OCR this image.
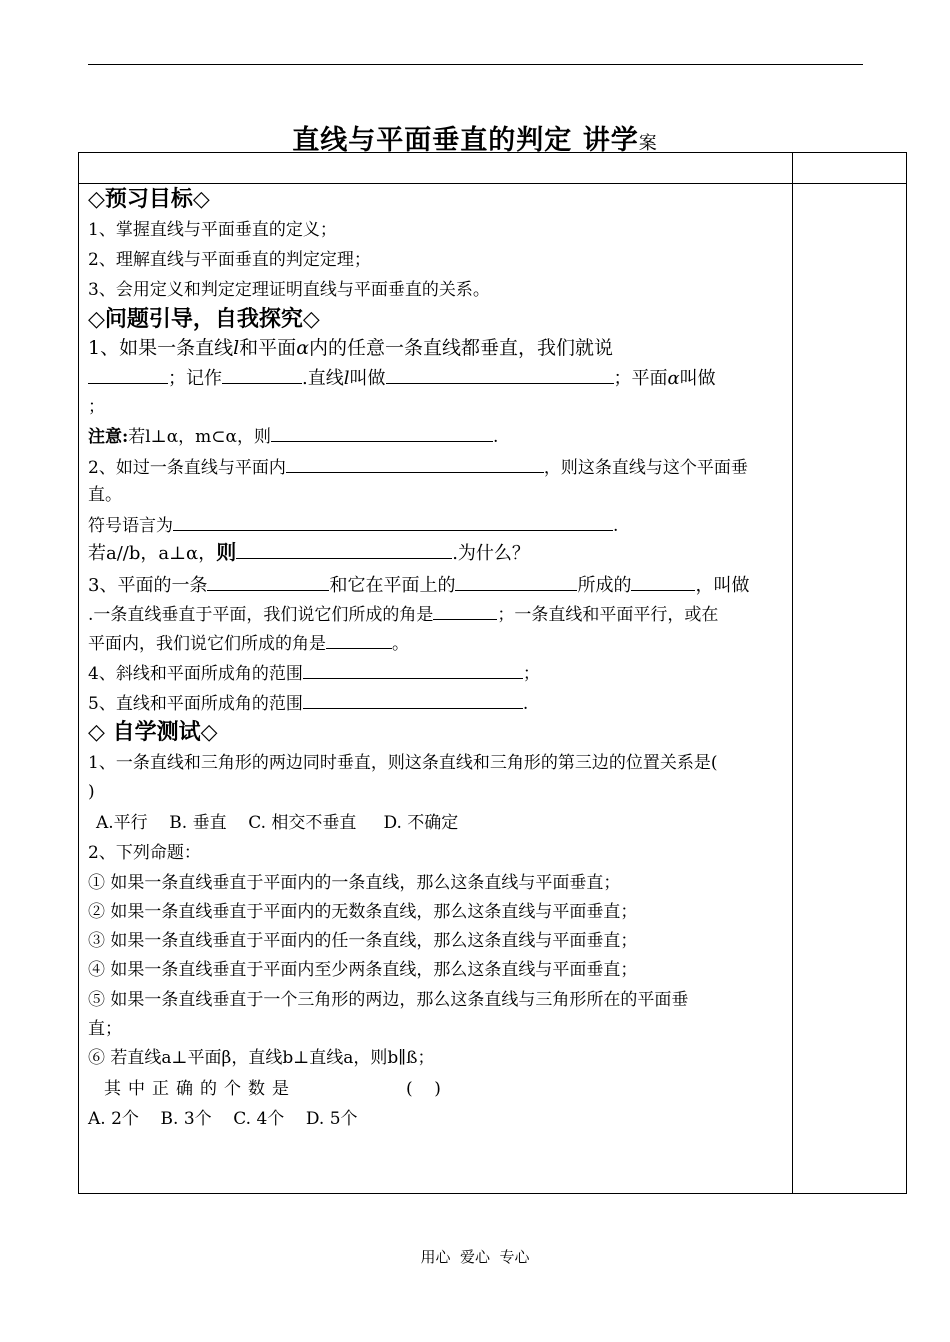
直线与平面垂直的判定 讲学案
◇预习目标◇
1、掌握直线与平面垂直的定义；
2、理解直线与平面垂直的判定定理；
3、会用定义和判定定理证明直线与平面垂直的关系。
◇问题引导，自我探究◇
1、如果一条直线l和平面α内的任意一条直线都垂直，我们就说
；记作	.直线l叫做	；平面α叫做
；
注意:若l⊥α，m⊂α，则	.
2、如过一条直线与平面内	，则这条直线与这个平面垂
直。
符号语言为	.
若a//b，a⊥α，则	.为什么？
3、平面的一条	和它在平面上的	所成的	，叫做
.一条直线垂直于平面，我们说它们所成的角是	；一条直线和平面平行，或在
平面内，我们说它们所成的角是	。
4、斜线和平面所成角的范围	；
5、直线和平面所成角的范围	.
◇ 自学测试◇
1、一条直线和三角形的两边同时垂直，则这条直线和三角形的第三边的位置关系是(
)
A.平行    B. 垂直    C. 相交不垂直     D. 不确定
2、下列命题：
① 如果一条直线垂直于平面内的一条直线，那么这条直线与平面垂直；
② 如果一条直线垂直于平面内的无数条直线，那么这条直线与平面垂直；
③ 如果一条直线垂直于平面内的任一条直线，那么这条直线与平面垂直；
④ 如果一条直线垂直于平面内至少两条直线，那么这条直线与平面垂直；
⑤ 如果一条直线垂直于一个三角形的两边，那么这条直线与三角形所在的平面垂
直；
⑥ 若直线a⊥平面β，直线b⊥直线a，则b∥ß；
其中正确的个数是	(    )
A. 2个    B. 3个    C. 4个    D. 5个
用心  爱心  专心
